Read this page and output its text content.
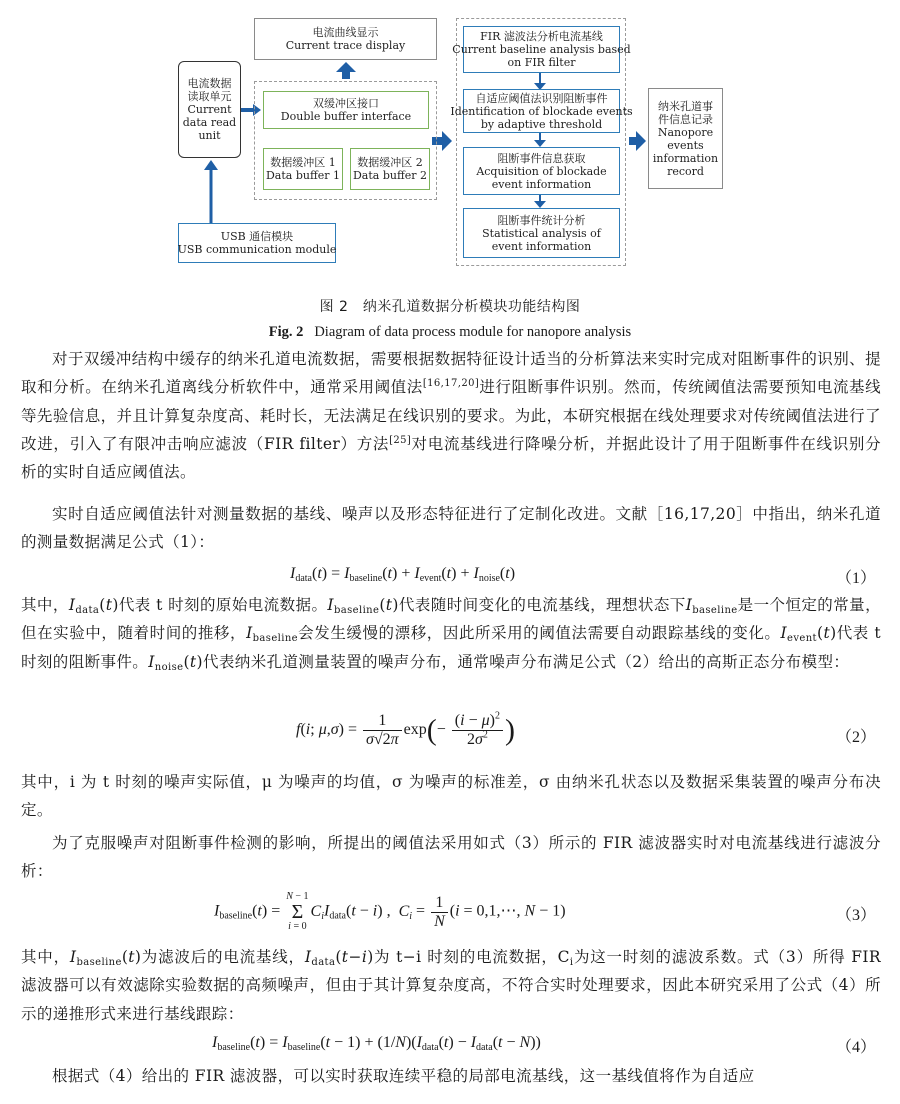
电流曲线显示
Current trace display
电流数据
读取单元
Current
data read
unit
双缓冲区接口
Double buffer interface
数据缓冲区 1
Data buffer 1
数据缓冲区 2
Data buffer 2
USB 通信模块
USB communication module
FIR 滤波法分析电流基线
Current baseline analysis based
on FIR filter
自适应阈值法识别阻断事件
Identification of blockade events
by adaptive threshold
阻断事件信息获取
Acquisition of blockade
event information
阻断事件统计分析
Statistical analysis of
event information
纳米孔道事
件信息记录
Nanopore
events
information
record
图 2　纳米孔道数据分析模块功能结构图
Fig. 2 Diagram of data process module for nanopore analysis

对于双缓冲结构中缓存的纳米孔道电流数据，需要根据数据特征设计适当的分析算法来实时完成对阻断事件的识别、提取和分析。在纳米孔道离线分析软件中，通常采用阈值法[16,17,20]进行阻断事件识别。然而，传统阈值法需要预知电流基线等先验信息，并且计算复杂度高、耗时长，无法满足在线识别的要求。为此，本研究根据在线处理要求对传统阈值法进行了改进，引入了有限冲击响应滤波（FIR filter）方法[25]对电流基线进行降噪分析，并据此设计了用于阻断事件在线识别分析的实时自适应阈值法。

实时自适应阈值法针对测量数据的基线、噪声以及形态特征进行了定制化改进。文献［16,17,20］中指出，纳米孔道的测量数据满足公式（1）：

$I_{data}(t) = I_{baseline}(t) + I_{event}(t) + I_{noise}(t)$	（1）

其中，$I_{data}(t)$代表 t 时刻的原始电流数据。$I_{baseline}(t)$代表随时间变化的电流基线，理想状态下$I_{baseline}$是一个恒定的常量，但在实验中，随着时间的推移，$I_{baseline}$会发生缓慢的漂移，因此所采用的阈值法需要自动跟踪基线的变化。$I_{event}(t)$代表 t 时刻的阻断事件。$I_{noise}(t)$代表纳米孔道测量装置的噪声分布，通常噪声分布满足公式（2）给出的高斯正态分布模型：

f(i; $\mu,\sigma) = \frac{1}{\sigma√2\pi} \exp(- \frac{(i - \mu)^2}{2\sigma^2}$ )	（2）

其中，i 为 t 时刻的噪声实际值，μ 为噪声的均值，σ 为噪声的标准差，σ 由纳米孔状态以及数据采集装置的噪声分布决定。

为了克服噪声对阻断事件检测的影响，所提出的阈值法采用如式（3）所示的 FIR 滤波器实时对电流基线进行滤波分析：

$I_{baseline}(t) = N - 1$
Σ
$i = 0C_iI_{data}(t - i)$ ,  $C_i = \frac{1}{N} (i$ = 0,1,⋯, N − 1)	（3）

其中，$I_{baseline}(t)$为滤波后的电流基线，$I_{data}(t-i)$为 t−i 时刻的电流数据，$C_i$为这一时刻的滤波系数。式（3）所得 FIR 滤波器可以有效滤除实验数据的高频噪声，但由于其计算复杂度高，不符合实时处理要求，因此本研究采用了公式（4）所示的递推形式来进行基线跟踪：

$I_{baseline}(t) = I_{baseline}(t - 1) + (1/N)(I_{data}(t) - I_{data}(t - N))$	（4）

根据式（4）给出的 FIR 滤波器，可以实时获取连续平稳的局部电流基线，这一基线值将作为自适应
